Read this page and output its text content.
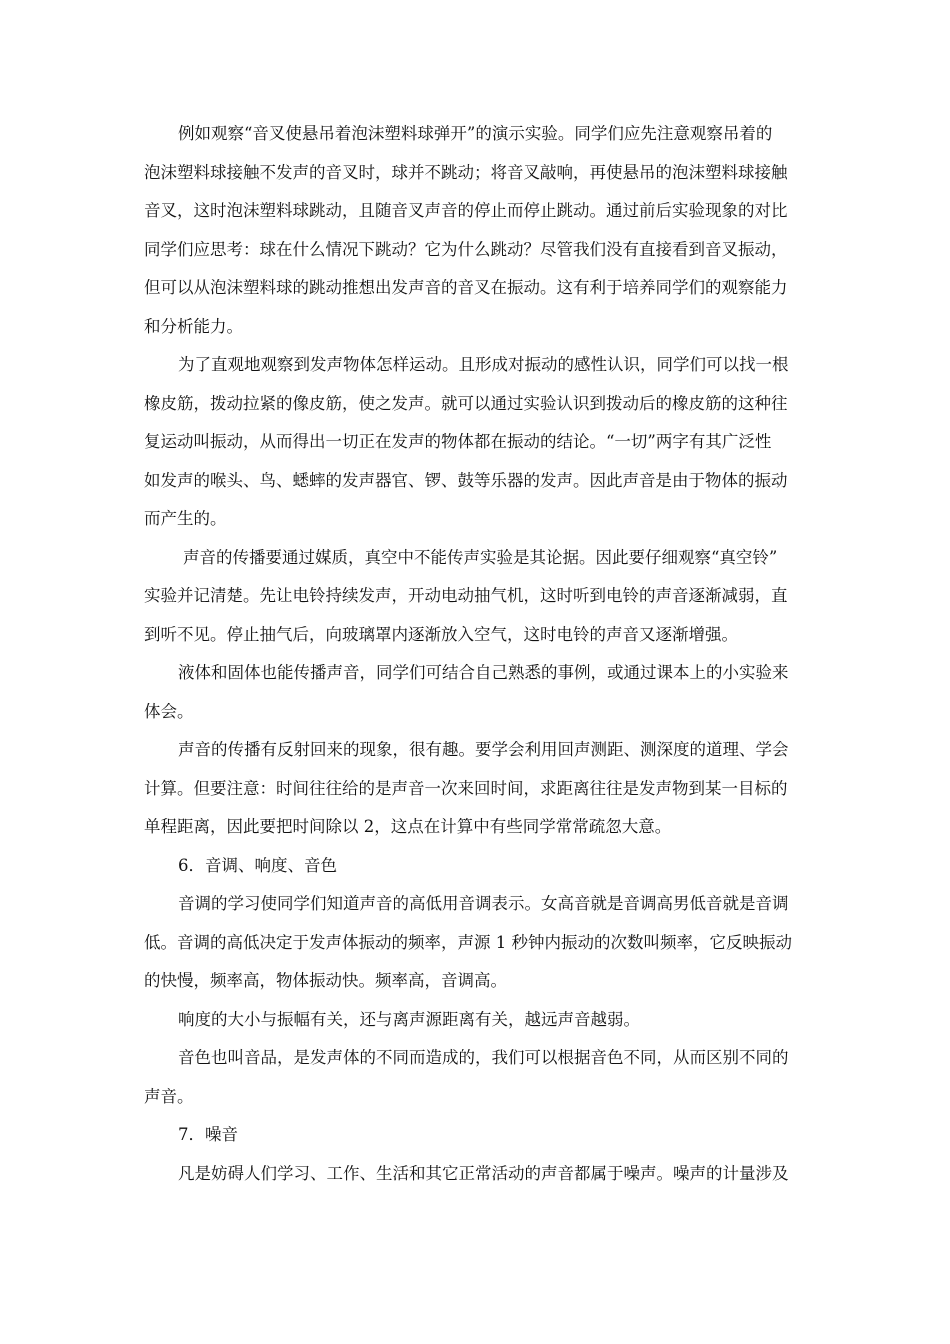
例如观察“音叉使悬吊着泡沫塑料球弹开”的演示实验。同学们应先注意观察吊着的
泡沫塑料球接触不发声的音叉时，球并不跳动；将音叉敲响，再使悬吊的泡沫塑料球接触
音叉，这时泡沫塑料球跳动，且随音叉声音的停止而停止跳动。通过前后实验现象的对比
同学们应思考：球在什么情况下跳动？它为什么跳动？尽管我们没有直接看到音叉振动，
但可以从泡沫塑料球的跳动推想出发声音的音叉在振动。这有利于培养同学们的观察能力
和分析能力。
为了直观地观察到发声物体怎样运动。且形成对振动的感性认识，同学们可以找一根
橡皮筋，拨动拉紧的像皮筋，使之发声。就可以通过实验认识到拨动后的橡皮筋的这种往
复运动叫振动，从而得出一切正在发声的物体都在振动的结论。“一切”两字有其广泛性
如发声的喉头、鸟、蟋蟀的发声器官、锣、鼓等乐器的发声。因此声音是由于物体的振动
而产生的。
声音的传播要通过媒质，真空中不能传声实验是其论据。因此要仔细观察“真空铃”
实验并记清楚。先让电铃持续发声，开动电动抽气机，这时听到电铃的声音逐渐减弱，直
到听不见。停止抽气后，向玻璃罩内逐渐放入空气，这时电铃的声音又逐渐增强。
液体和固体也能传播声音，同学们可结合自己熟悉的事例，或通过课本上的小实验来
体会。
声音的传播有反射回来的现象，很有趣。要学会利用回声测距、测深度的道理、学会
计算。但要注意：时间往往给的是声音一次来回时间，求距离往往是发声物到某一目标的
单程距离，因此要把时间除以 2，这点在计算中有些同学常常疏忽大意。
6．音调、响度、音色
音调的学习使同学们知道声音的高低用音调表示。女高音就是音调高男低音就是音调
低。音调的高低决定于发声体振动的频率，声源 1 秒钟内振动的次数叫频率，它反映振动
的快慢，频率高，物体振动快。频率高，音调高。
响度的大小与振幅有关，还与离声源距离有关，越远声音越弱。
音色也叫音品，是发声体的不同而造成的，我们可以根据音色不同，从而区别不同的
声音。
7．噪音
凡是妨碍人们学习、工作、生活和其它正常活动的声音都属于噪声。噪声的计量涉及
